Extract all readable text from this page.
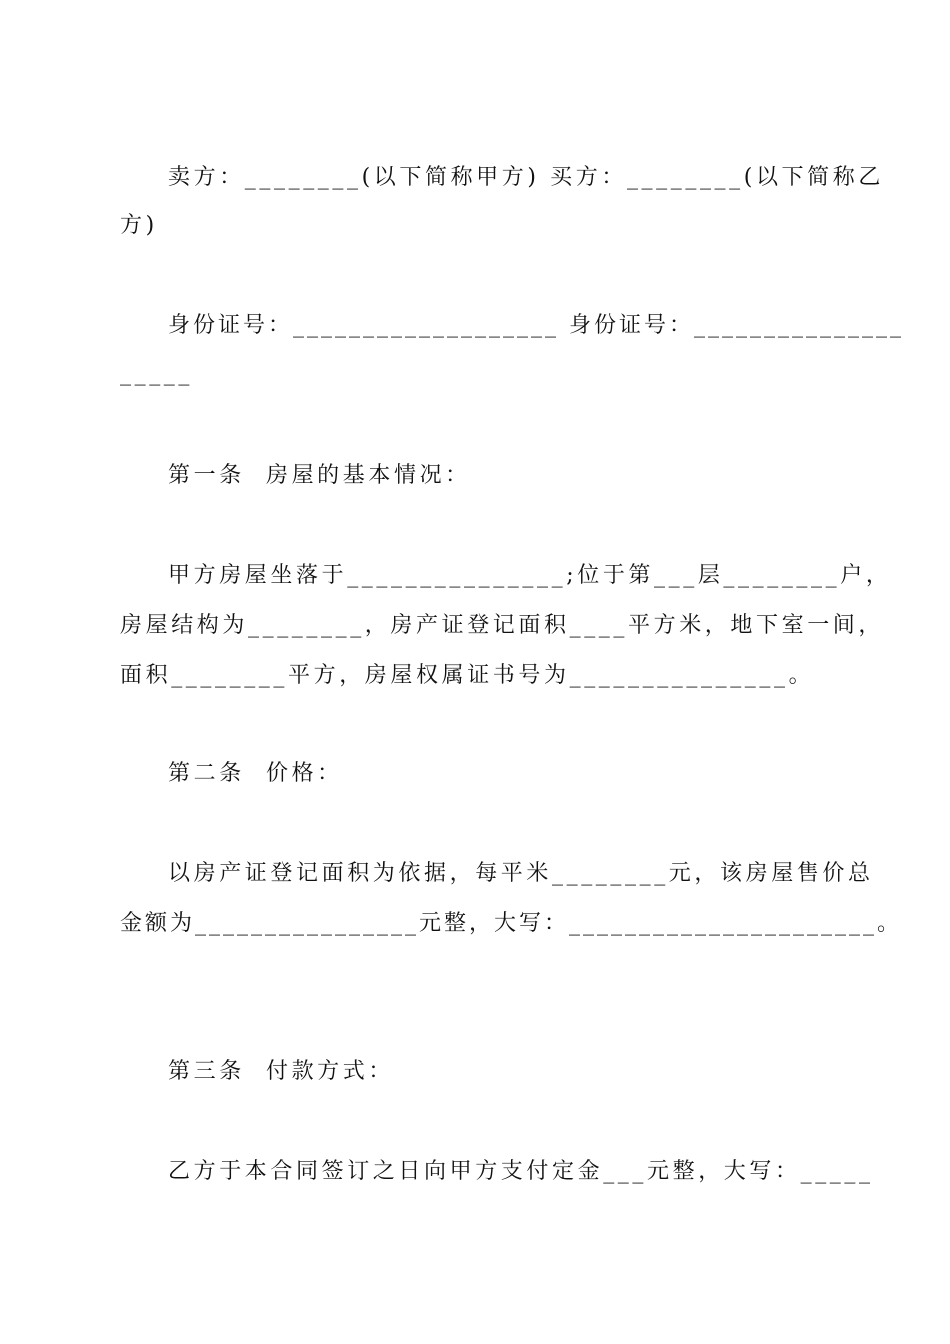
卖方：________(以下简称甲方) 买方：________(以下简称乙
方)
身份证号：___________________ 身份证号：_______________
_____
第一条  房屋的基本情况：
甲方房屋坐落于_______________;位于第___层________户，
房屋结构为________，房产证登记面积____平方米，地下室一间，
面积________平方，房屋权属证书号为_______________。
第二条  价格：
以房产证登记面积为依据，每平米________元，该房屋售价总
金额为________________元整，大写：______________________。
第三条  付款方式：
乙方于本合同签订之日向甲方支付定金___元整，大写：_____
